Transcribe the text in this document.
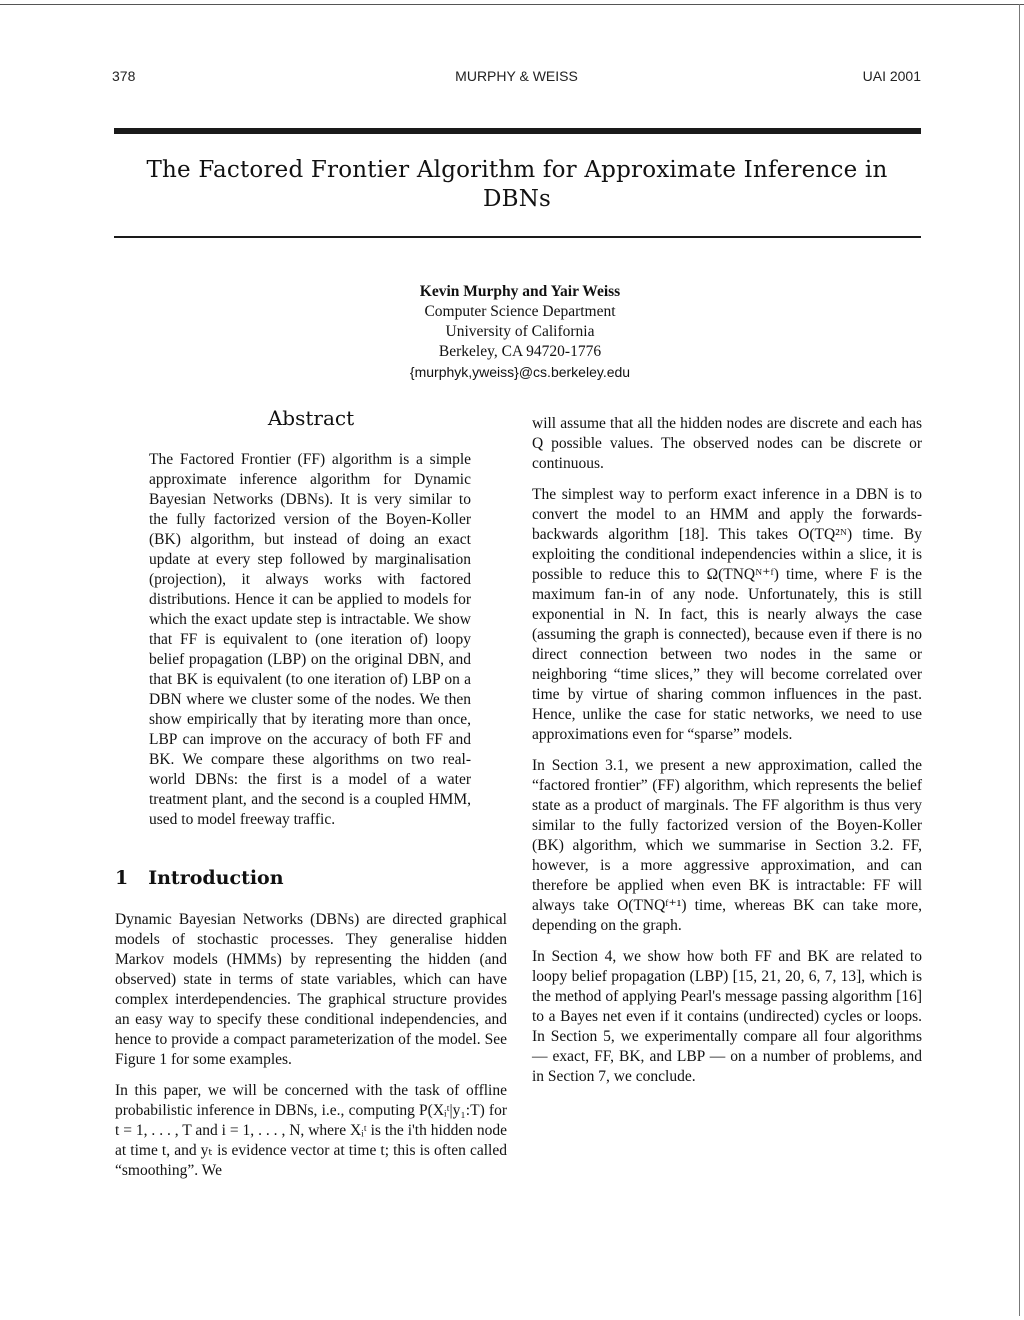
378	MURPHY & WEISS	UAI 2001
The Factored Frontier Algorithm for Approximate Inference in DBNs
Kevin Murphy and Yair Weiss
Computer Science Department
University of California
Berkeley, CA 94720-1776
{murphyk,yweiss}@cs.berkeley.edu
Abstract

The Factored Frontier (FF) algorithm is a simple approximate inference algorithm for Dynamic Bayesian Networks (DBNs). It is very similar to the fully factorized version of the Boyen-Koller (BK) algorithm, but instead of doing an exact update at every step followed by marginalisation (projection), it always works with factored distributions. Hence it can be applied to models for which the exact update step is intractable. We show that FF is equivalent to (one iteration of) loopy belief propagation (LBP) on the original DBN, and that BK is equivalent (to one iteration of) LBP on a DBN where we cluster some of the nodes. We then show empirically that by iterating more than once, LBP can improve on the accuracy of both FF and BK. We compare these algorithms on two real-world DBNs: the first is a model of a water treatment plant, and the second is a coupled HMM, used to model freeway traffic.

1 Introduction

Dynamic Bayesian Networks (DBNs) are directed graphical models of stochastic processes. They generalise hidden Markov models (HMMs) by representing the hidden (and observed) state in terms of state variables, which can have complex interdependencies. The graphical structure provides an easy way to specify these conditional independencies, and hence to provide a compact parameterization of the model. See Figure 1 for some examples.

In this paper, we will be concerned with the task of offline probabilistic inference in DBNs, i.e., computing P(Xᵢᵗ|y₁:T) for t = 1, . . . , T and i = 1, . . . , N, where Xᵢᵗ is the i'th hidden node at time t, and yₜ is evidence vector at time t; this is often called “smoothing”. We

will assume that all the hidden nodes are discrete and each has Q possible values. The observed nodes can be discrete or continuous.

The simplest way to perform exact inference in a DBN is to convert the model to an HMM and apply the forwards-backwards algorithm [18]. This takes O(TQ²ᴺ) time. By exploiting the conditional independencies within a slice, it is possible to reduce this to Ω(TNQᴺ⁺ᶠ) time, where F is the maximum fan-in of any node. Unfortunately, this is still exponential in N. In fact, this is nearly always the case (assuming the graph is connected), because even if there is no direct connection between two nodes in the same or neighboring “time slices,” they will become correlated over time by virtue of sharing common influences in the past. Hence, unlike the case for static networks, we need to use approximations even for “sparse” models.

In Section 3.1, we present a new approximation, called the “factored frontier” (FF) algorithm, which represents the belief state as a product of marginals. The FF algorithm is thus very similar to the fully factorized version of the Boyen-Koller (BK) algorithm, which we summarise in Section 3.2. FF, however, is a more aggressive approximation, and can therefore be applied when even BK is intractable: FF will always take O(TNQᶠ⁺¹) time, whereas BK can take more, depending on the graph.

In Section 4, we show how both FF and BK are related to loopy belief propagation (LBP) [15, 21, 20, 6, 7, 13], which is the method of applying Pearl's message passing algorithm [16] to a Bayes net even if it contains (undirected) cycles or loops. In Section 5, we experimentally compare all four algorithms — exact, FF, BK, and LBP — on a number of problems, and in Section 7, we conclude.
